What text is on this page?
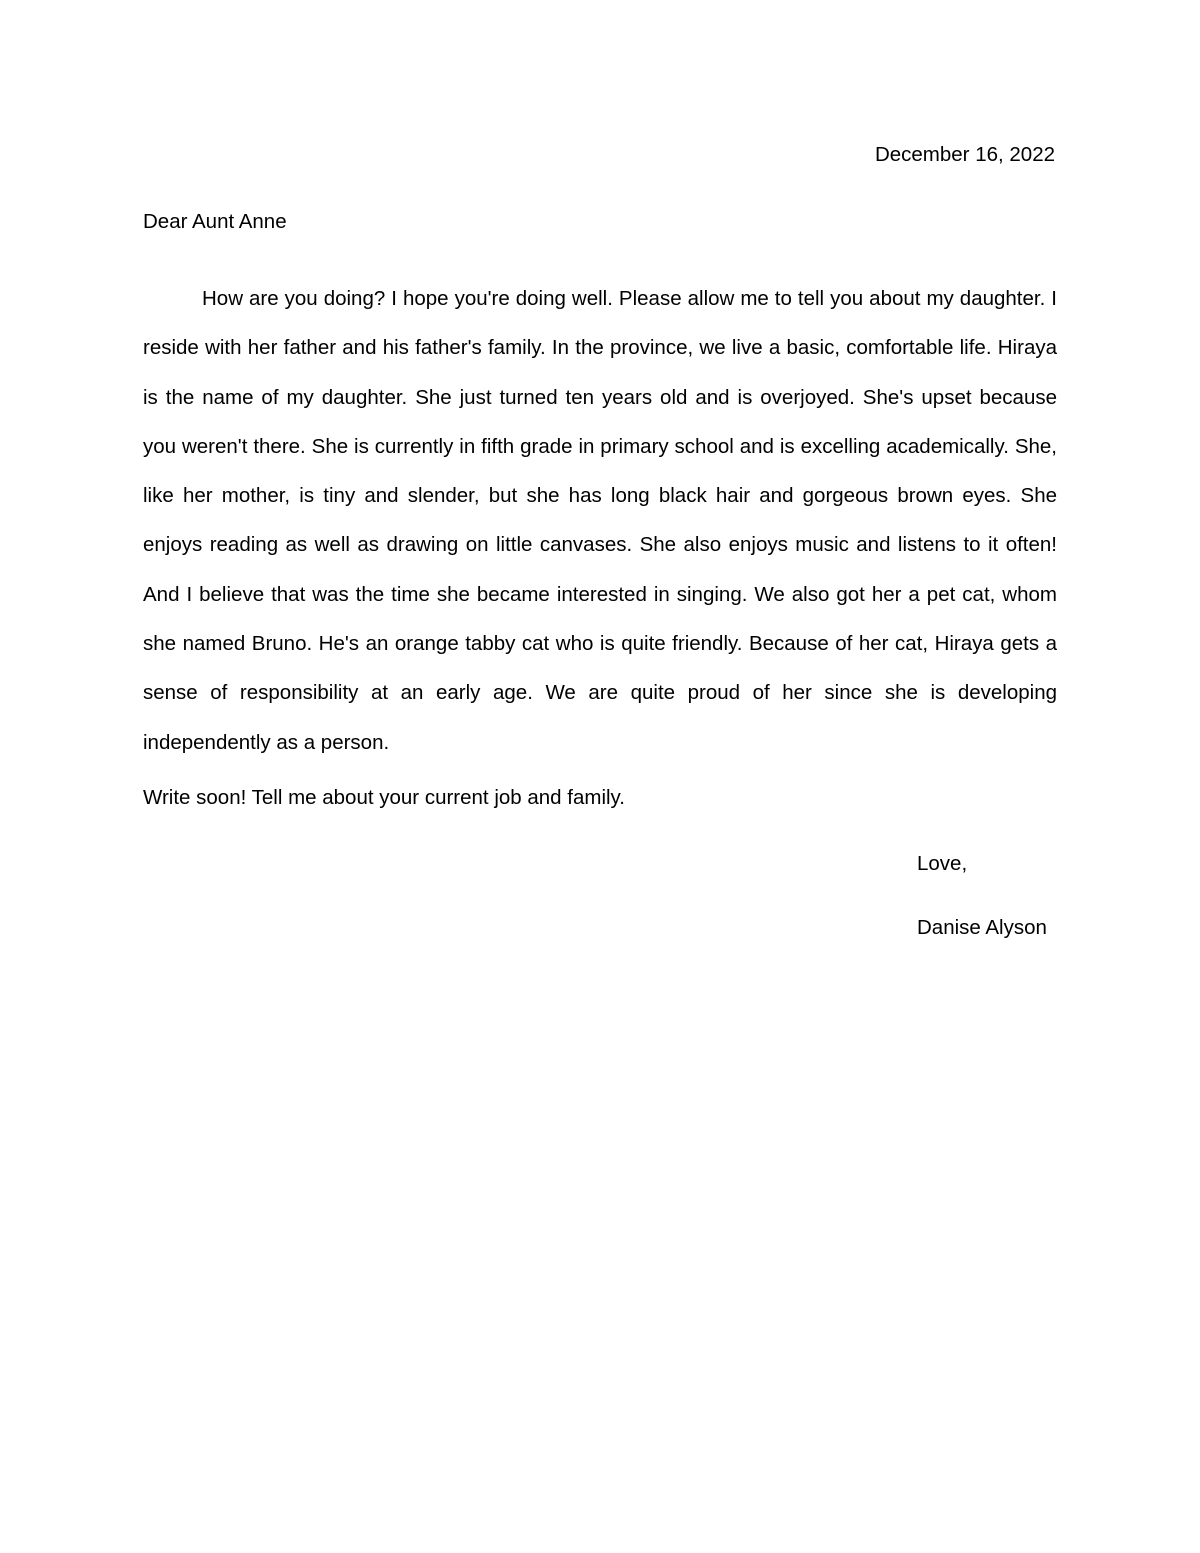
December 16, 2022
Dear Aunt Anne

How are you doing? I hope you're doing well. Please allow me to tell you about my daughter. I reside with her father and his father's family. In the province, we live a basic, comfortable life. Hiraya is the name of my daughter. She just turned ten years old and is overjoyed. She's upset because you weren't there. She is currently in fifth grade in primary school and is excelling academically. She, like her mother, is tiny and slender, but she has long black hair and gorgeous brown eyes. She enjoys reading as well as drawing on little canvases. She also enjoys music and listens to it often! And I believe that was the time she became interested in singing. We also got her a pet cat, whom she named Bruno. He's an orange tabby cat who is quite friendly. Because of her cat, Hiraya gets a sense of responsibility at an early age. We are quite proud of her since she is developing independently as a person.

Write soon! Tell me about your current job and family.
Love,
Danise Alyson
